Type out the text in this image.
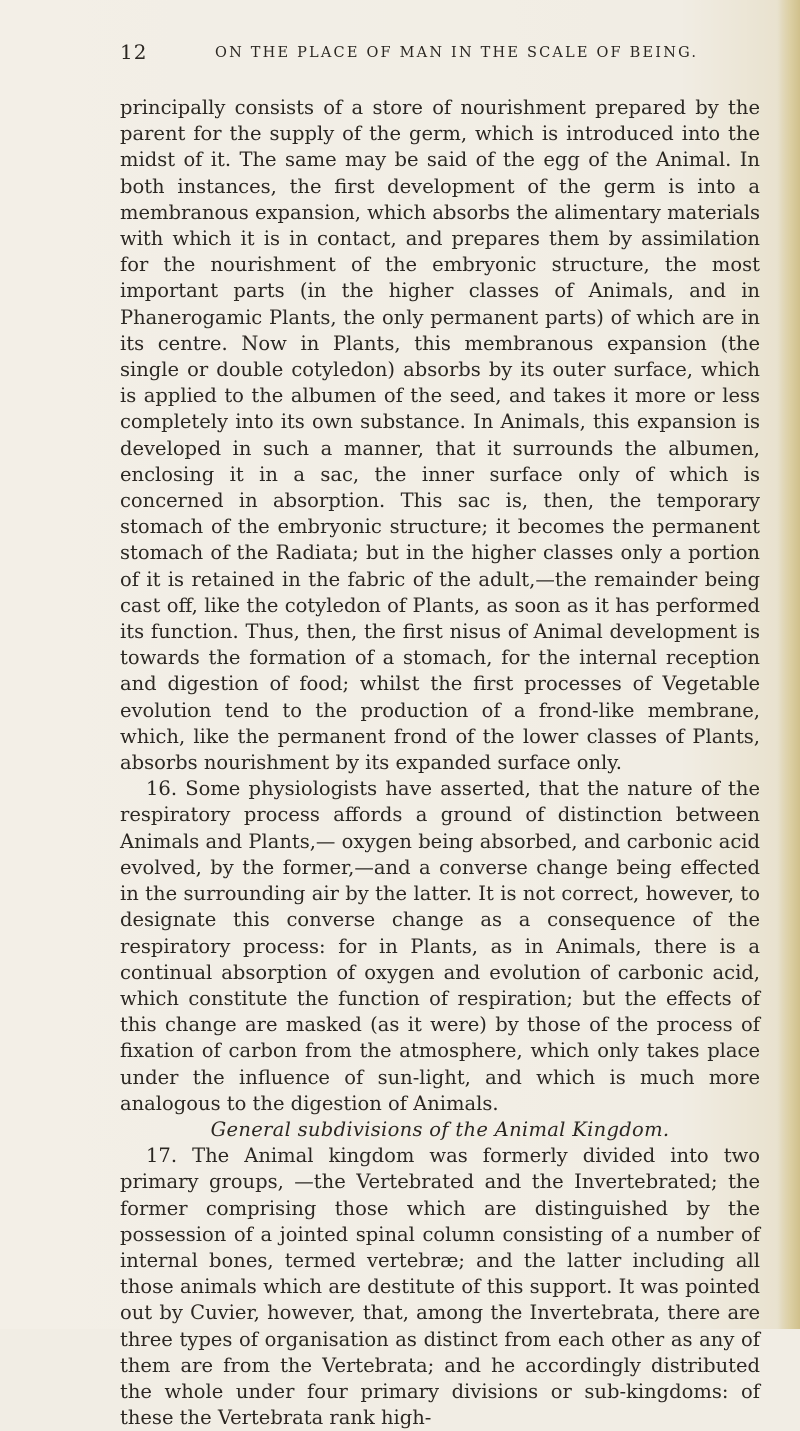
12	ON THE PLACE OF MAN IN THE SCALE OF BEING.

principally consists of a store of nourishment prepared by the parent for the supply of the germ, which is introduced into the midst of it. The same may be said of the egg of the Animal. In both instances, the first development of the germ is into a membranous expansion, which absorbs the alimentary materials with which it is in contact, and prepares them by assimilation for the nourishment of the embryonic structure, the most important parts (in the higher classes of Animals, and in Phanerogamic Plants, the only permanent parts) of which are in its centre. Now in Plants, this membranous expansion (the single or double cotyledon) absorbs by its outer surface, which is applied to the albumen of the seed, and takes it more or less completely into its own substance. In Animals, this expansion is developed in such a manner, that it surrounds the albumen, enclosing it in a sac, the inner surface only of which is concerned in absorption. This sac is, then, the temporary stomach of the embryonic structure; it becomes the permanent stomach of the Radiata; but in the higher classes only a portion of it is retained in the fabric of the adult,—the remainder being cast off, like the cotyledon of Plants, as soon as it has performed its function. Thus, then, the first nisus of Animal development is towards the formation of a stomach, for the internal reception and digestion of food; whilst the first processes of Vegetable evolution tend to the production of a frond-like membrane, which, like the permanent frond of the lower classes of Plants, absorbs nourishment by its expanded surface only.

16. Some physiologists have asserted, that the nature of the respiratory process affords a ground of distinction between Animals and Plants,— oxygen being absorbed, and carbonic acid evolved, by the former,—and a converse change being effected in the surrounding air by the latter. It is not correct, however, to designate this converse change as a consequence of the respiratory process: for in Plants, as in Animals, there is a continual absorption of oxygen and evolution of carbonic acid, which constitute the function of respiration; but the effects of this change are masked (as it were) by those of the process of fixation of carbon from the atmosphere, which only takes place under the influence of sun-light, and which is much more analogous to the digestion of Animals.

General subdivisions of the Animal Kingdom.

17. The Animal kingdom was formerly divided into two primary groups, —the Vertebrated and the Invertebrated; the former comprising those which are distinguished by the possession of a jointed spinal column consisting of a number of internal bones, termed vertebræ; and the latter including all those animals which are destitute of this support. It was pointed out by Cuvier, however, that, among the Invertebrata, there are three types of organisation as distinct from each other as any of them are from the Vertebrata; and he accordingly distributed the whole under four primary divisions or sub-kingdoms: of these the Vertebrata rank high-
